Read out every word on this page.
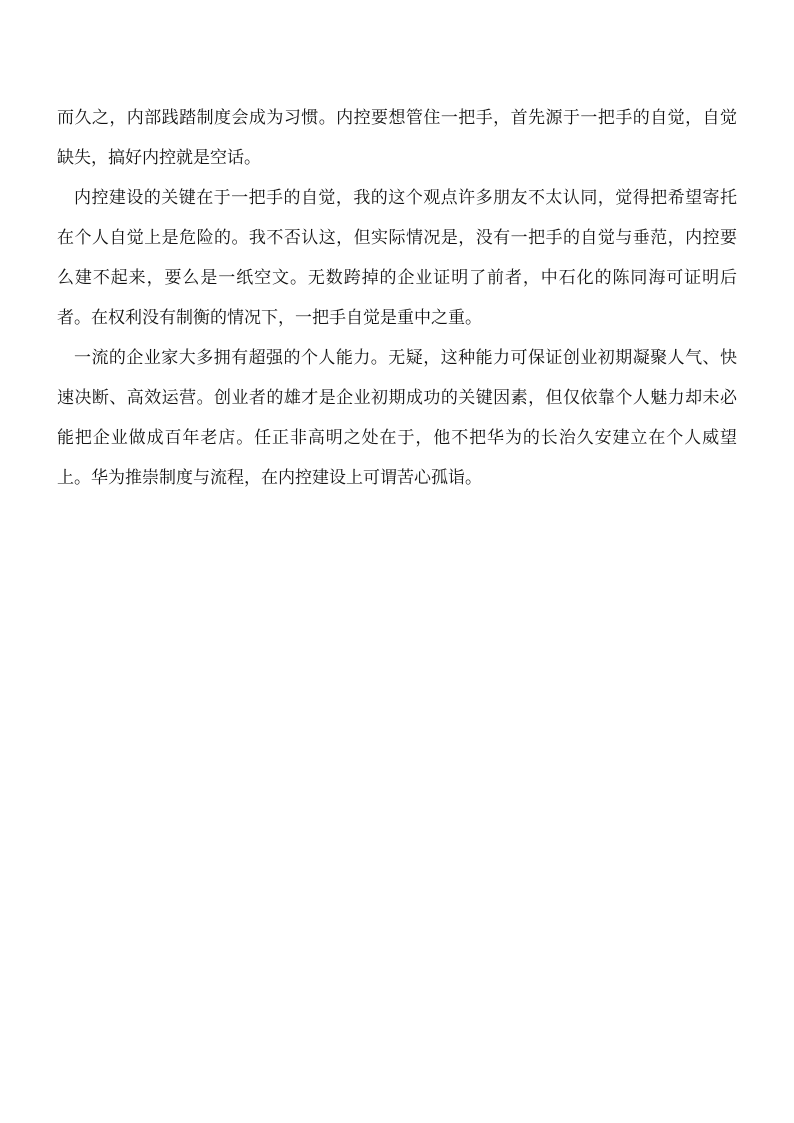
而久之，内部践踏制度会成为习惯。内控要想管住一把手，首先源于一把手的自觉，自觉
缺失，搞好内控就是空话。
内控建设的关键在于一把手的自觉，我的这个观点许多朋友不太认同，觉得把希望寄托
在个人自觉上是危险的。我不否认这，但实际情况是，没有一把手的自觉与垂范，内控要
么建不起来，要么是一纸空文。无数跨掉的企业证明了前者，中石化的陈同海可证明后
者。在权利没有制衡的情况下，一把手自觉是重中之重。
一流的企业家大多拥有超强的个人能力。无疑，这种能力可保证创业初期凝聚人气、快
速决断、高效运营。创业者的雄才是企业初期成功的关键因素，但仅依靠个人魅力却未必
能把企业做成百年老店。任正非高明之处在于，他不把华为的长治久安建立在个人威望
上。华为推崇制度与流程，在内控建设上可谓苦心孤诣。
